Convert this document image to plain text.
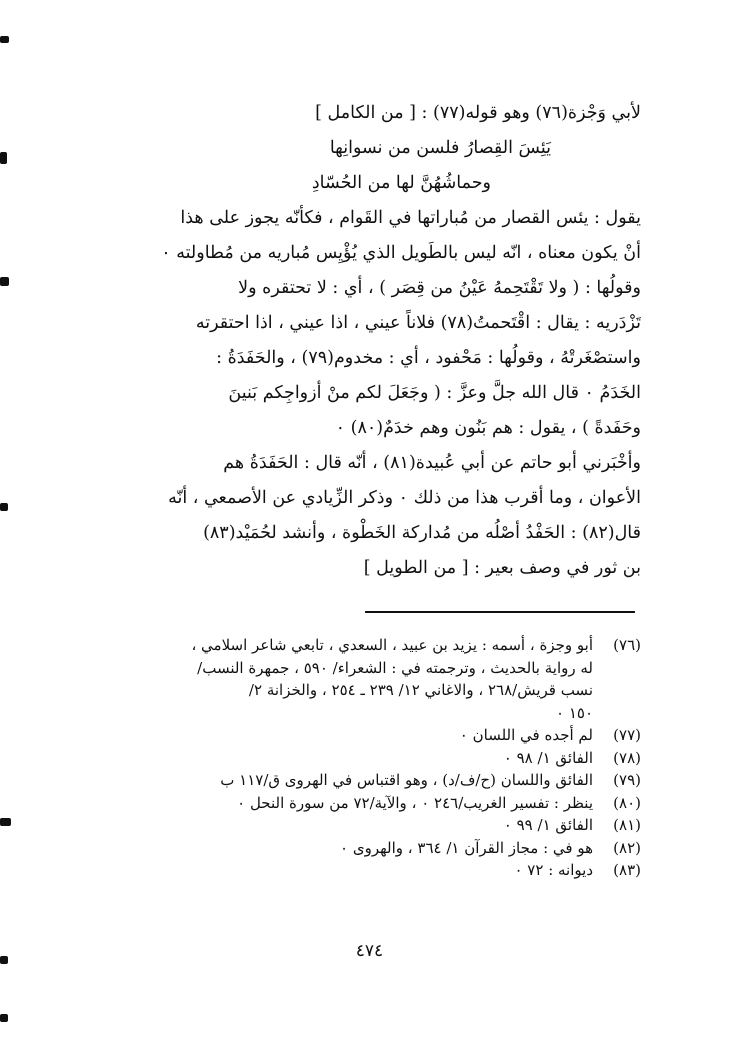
لأبي وَجْزة(٧٦) وهو قوله(٧٧) : [ من الكامل ]
يَئِسَ القِصارُ فلسن من نسوانِها
وحماشُهُنَّ لها من الحُسّادِ
يقول : يئس القصار من مُباراتها في القَوام ، فكأنّه يجوز على هذا
أنْ يكون معناه ، انّه ليس بالطَويل الذي يُؤْيِس مُباريه من مُطاولته ٠
وقولُها : ( ولا تَقْتَحِمهُ عَيْنُ من قِصَر ) ، أي : لا تحتقره ولا
تَزْدَريه : يقال : اقْتَحمتُ(٧٨) فلاناً عيني ، اذا عيني ، اذا احتقرته
واستصْغَرتْهُ ، وقولُها : مَحْفود ، أي : مخدوم(٧٩) ، والحَفَدَةُ :
الخَدَمُ ٠ قال الله جلَّ وعزَّ : ( وجَعَلَ لكم منْ أزواجِكم بَنينَ
وحَفَدةً ) ، يقول : هم بَنُون وهم خدَمٌ(٨٠) ٠
وأخْبَرني أبو حاتم عن أبي عُبيدة(٨١) ، أنّه قال : الحَفَدَةُ هم
الأعوان ، وما أقرب هذا من ذلك ٠ وذكر الزِّيادي عن الأصمعي ، أنّه
قال(٨٢) : الحَفْدُ أصْلُه من مُداركة الخَطْوة ، وأنشد لحُمَيْد(٨٣)
بن ثور في وصف بعير : [ من الطويل ]
(٧٦)
أبو وجزة ، أسمه : يزيد بن عبيد ، السعدي ، تابعي شاعر اسلامي ،
له رواية بالحديث ، وترجمته في : الشعراء/ ٥٩٠ ، جمهرة النسب/
نسب قريش/٢٦٨ ، والاغاني ١٢/ ٢٣٩ ـ ٢٥٤ ، والخزانة ٢/
١٥٠ ٠
(٧٧)
لم أجده في اللسان ٠
(٧٨)
الفائق ١/ ٩٨ ٠
(٧٩)
الفائق واللسان (ح/ف/د) ، وهو اقتباس في الهروى ق/١١٧ ب
(٨٠)
ينظر : تفسير الغريب/٢٤٦ ٠ ، والآية/٧٢ من سورة النحل ٠
(٨١)
الفائق ١/ ٩٩ ٠
(٨٢)
هو في : مجاز القرآن ١/ ٣٦٤ ، والهروى ٠
(٨٣)
ديوانه : ٧٢ ٠
٤٧٤
